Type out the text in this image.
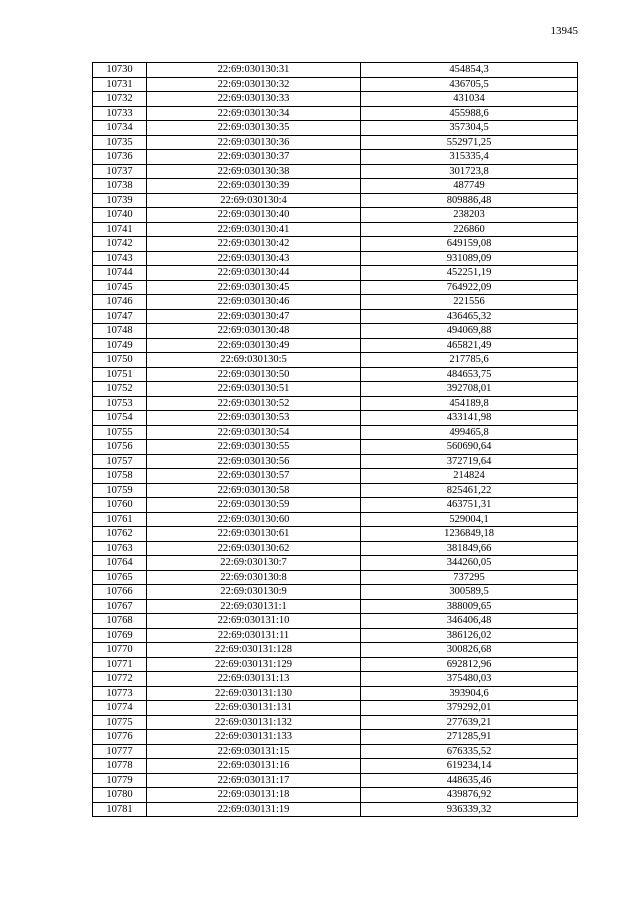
13945
10730	22:69:030130:31	454854,3
10731	22:69:030130:32	436705,5
10732	22:69:030130:33	431034
10733	22:69:030130:34	455988,6
10734	22:69:030130:35	357304,5
10735	22:69:030130:36	552971,25
10736	22:69:030130:37	315335,4
10737	22:69:030130:38	301723,8
10738	22:69:030130:39	487749
10739	22:69:030130:4	809886,48
10740	22:69:030130:40	238203
10741	22:69:030130:41	226860
10742	22:69:030130:42	649159,08
10743	22:69:030130:43	931089,09
10744	22:69:030130:44	452251,19
10745	22:69:030130:45	764922,09
10746	22:69:030130:46	221556
10747	22:69:030130:47	436465,32
10748	22:69:030130:48	494069,88
10749	22:69:030130:49	465821,49
10750	22:69:030130:5	217785,6
10751	22:69:030130:50	484653,75
10752	22:69:030130:51	392708,01
10753	22:69:030130:52	454189,8
10754	22:69:030130:53	433141,98
10755	22:69:030130:54	499465,8
10756	22:69:030130:55	560690,64
10757	22:69:030130:56	372719,64
10758	22:69:030130:57	214824
10759	22:69:030130:58	825461,22
10760	22:69:030130:59	463751,31
10761	22:69:030130:60	529004,1
10762	22:69:030130:61	1236849,18
10763	22:69:030130:62	381849,66
10764	22:69:030130:7	344260,05
10765	22:69:030130:8	737295
10766	22:69:030130:9	300589,5
10767	22:69:030131:1	388009,65
10768	22:69:030131:10	346406,48
10769	22:69:030131:11	386126,02
10770	22:69:030131:128	300826,68
10771	22:69:030131:129	692812,96
10772	22:69:030131:13	375480,03
10773	22:69:030131:130	393904,6
10774	22:69:030131:131	379292,01
10775	22:69:030131:132	277639,21
10776	22:69:030131:133	271285,91
10777	22:69:030131:15	676335,52
10778	22:69:030131:16	619234,14
10779	22:69:030131:17	448635,46
10780	22:69:030131:18	439876,92
10781	22:69:030131:19	936339,32
